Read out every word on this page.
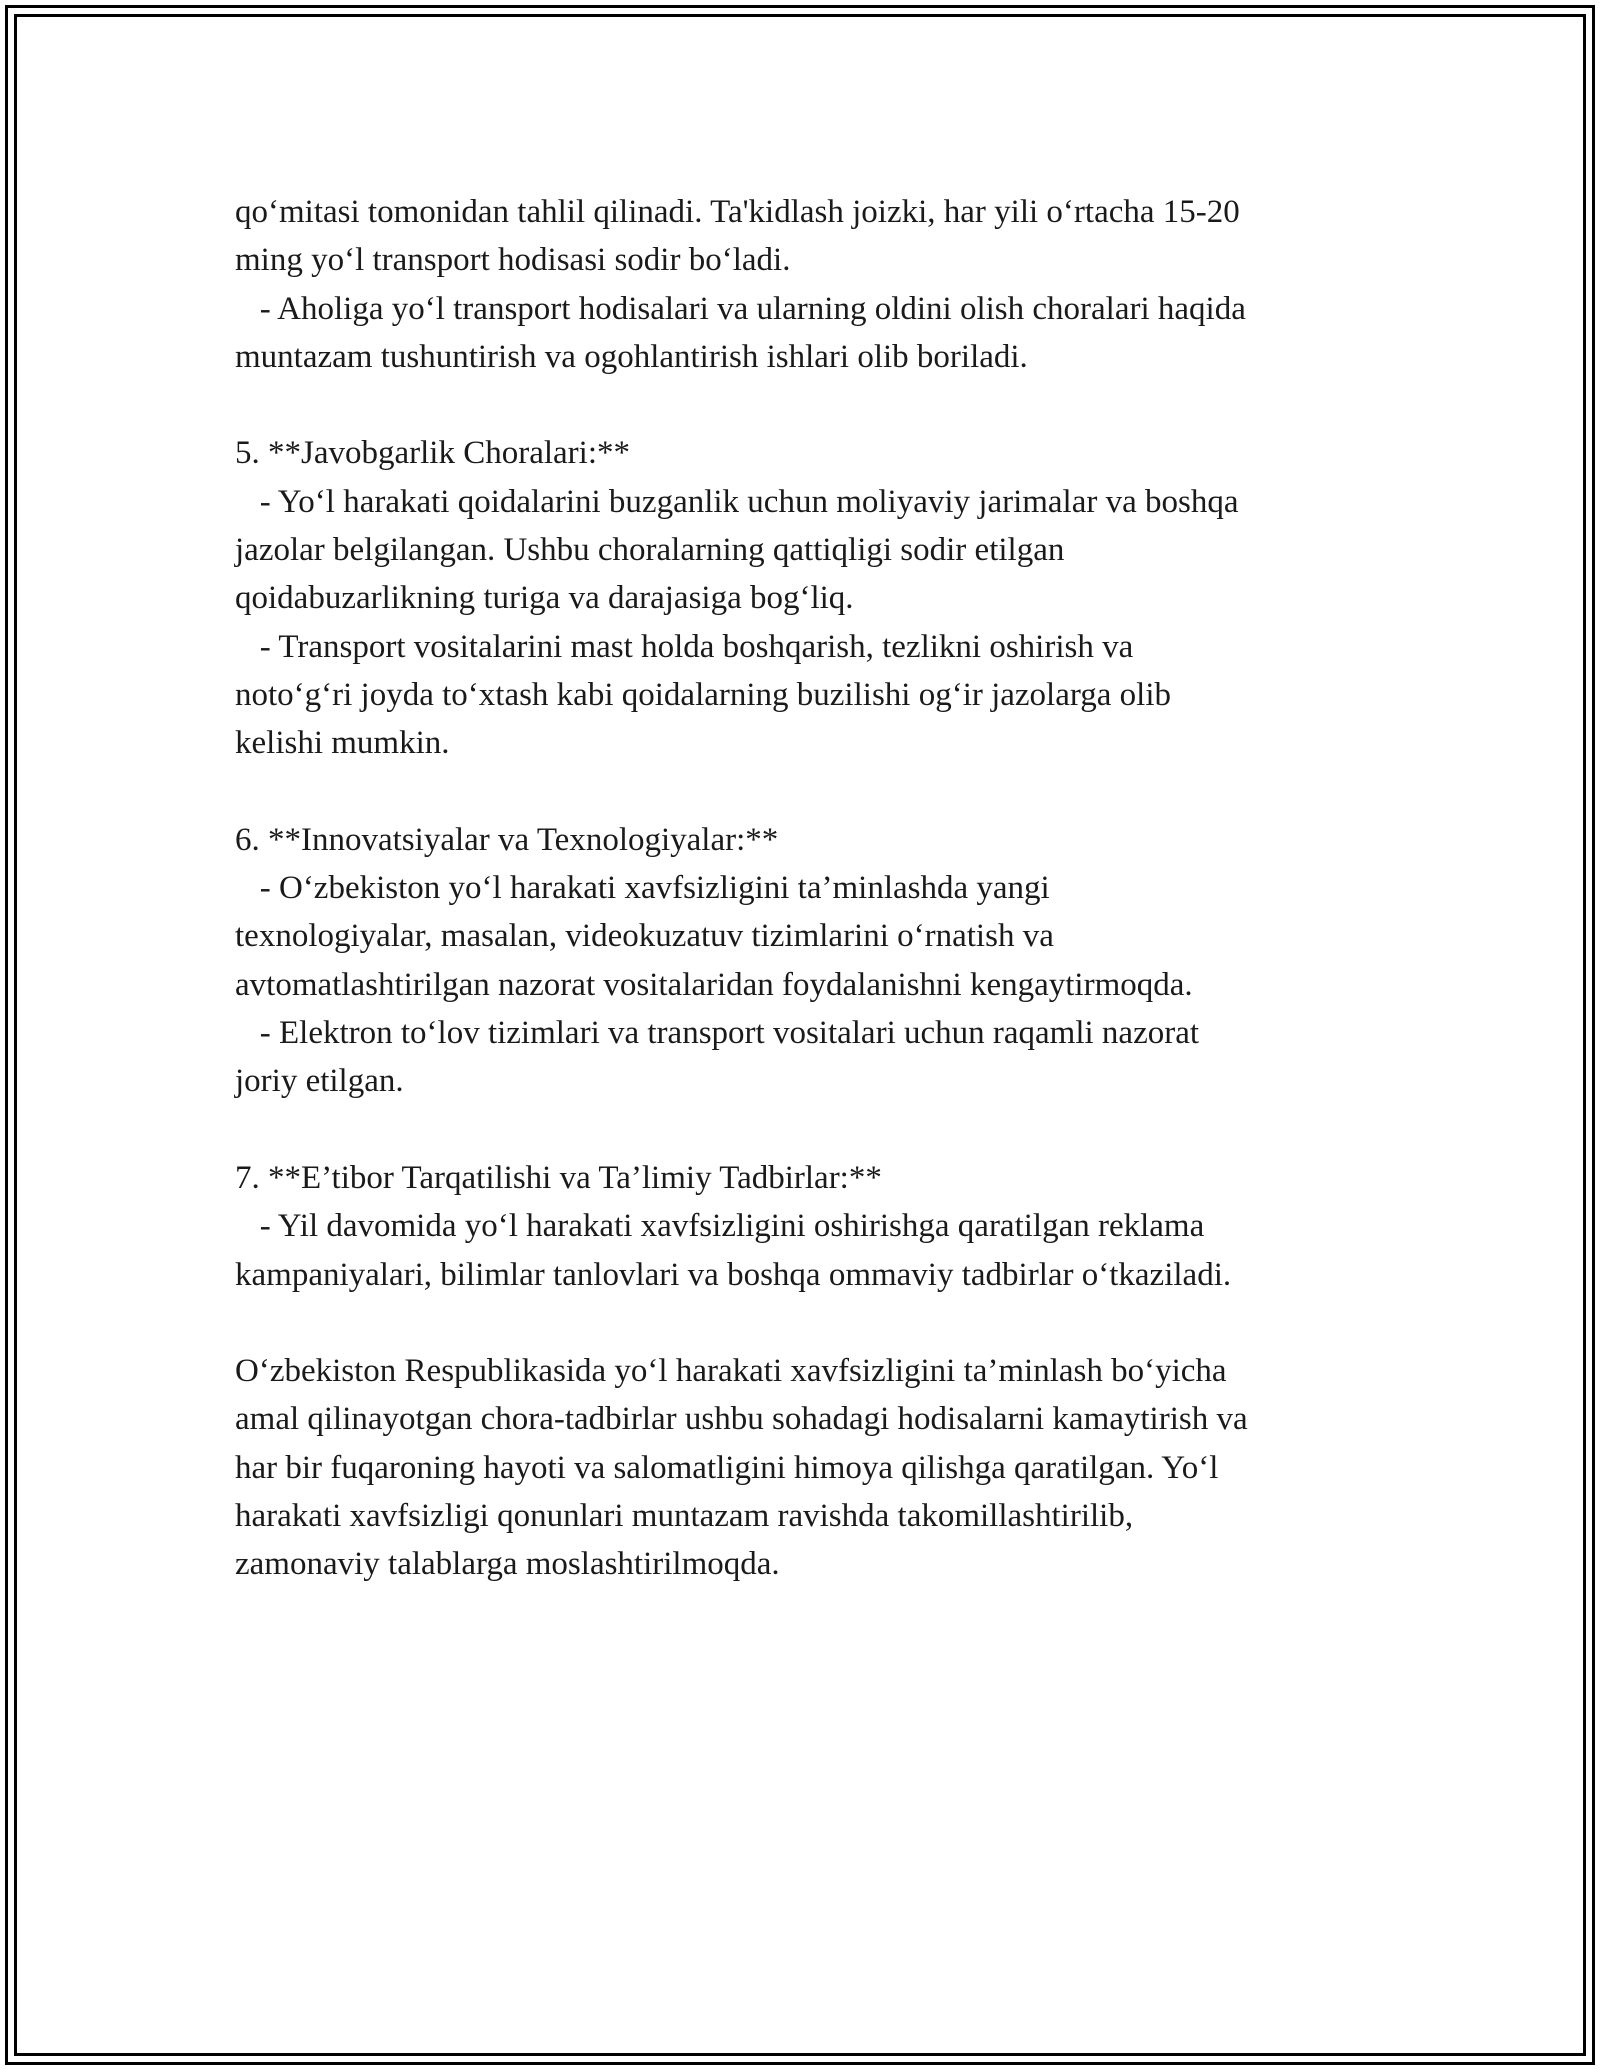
qo‘mitasi tomonidan tahlil qilinadi. Ta'kidlash joizki, har yili o‘rtacha 15-20
ming yo‘l transport hodisasi sodir bo‘ladi.
- Aholiga yo‘l transport hodisalari va ularning oldini olish choralari haqida
muntazam tushuntirish va ogohlantirish ishlari olib boriladi.
5. **Javobgarlik Choralari:**
- Yo‘l harakati qoidalarini buzganlik uchun moliyaviy jarimalar va boshqa
jazolar belgilangan. Ushbu choralarning qattiqligi sodir etilgan
qoidabuzarlikning turiga va darajasiga bog‘liq.
- Transport vositalarini mast holda boshqarish, tezlikni oshirish va
noto‘g‘ri joyda to‘xtash kabi qoidalarning buzilishi og‘ir jazolarga olib
kelishi mumkin.
6. **Innovatsiyalar va Texnologiyalar:**
- O‘zbekiston yo‘l harakati xavfsizligini ta’minlashda yangi
texnologiyalar, masalan, videokuzatuv tizimlarini o‘rnatish va
avtomatlashtirilgan nazorat vositalaridan foydalanishni kengaytirmoqda.
- Elektron to‘lov tizimlari va transport vositalari uchun raqamli nazorat
joriy etilgan.
7. **E’tibor Tarqatilishi va Ta’limiy Tadbirlar:**
- Yil davomida yo‘l harakati xavfsizligini oshirishga qaratilgan reklama
kampaniyalari, bilimlar tanlovlari va boshqa ommaviy tadbirlar o‘tkaziladi.
O‘zbekiston Respublikasida yo‘l harakati xavfsizligini ta’minlash bo‘yicha
amal qilinayotgan chora-tadbirlar ushbu sohadagi hodisalarni kamaytirish va
har bir fuqaroning hayoti va salomatligini himoya qilishga qaratilgan. Yo‘l
harakati xavfsizligi qonunlari muntazam ravishda takomillashtirilib,
zamonaviy talablarga moslashtirilmoqda.
